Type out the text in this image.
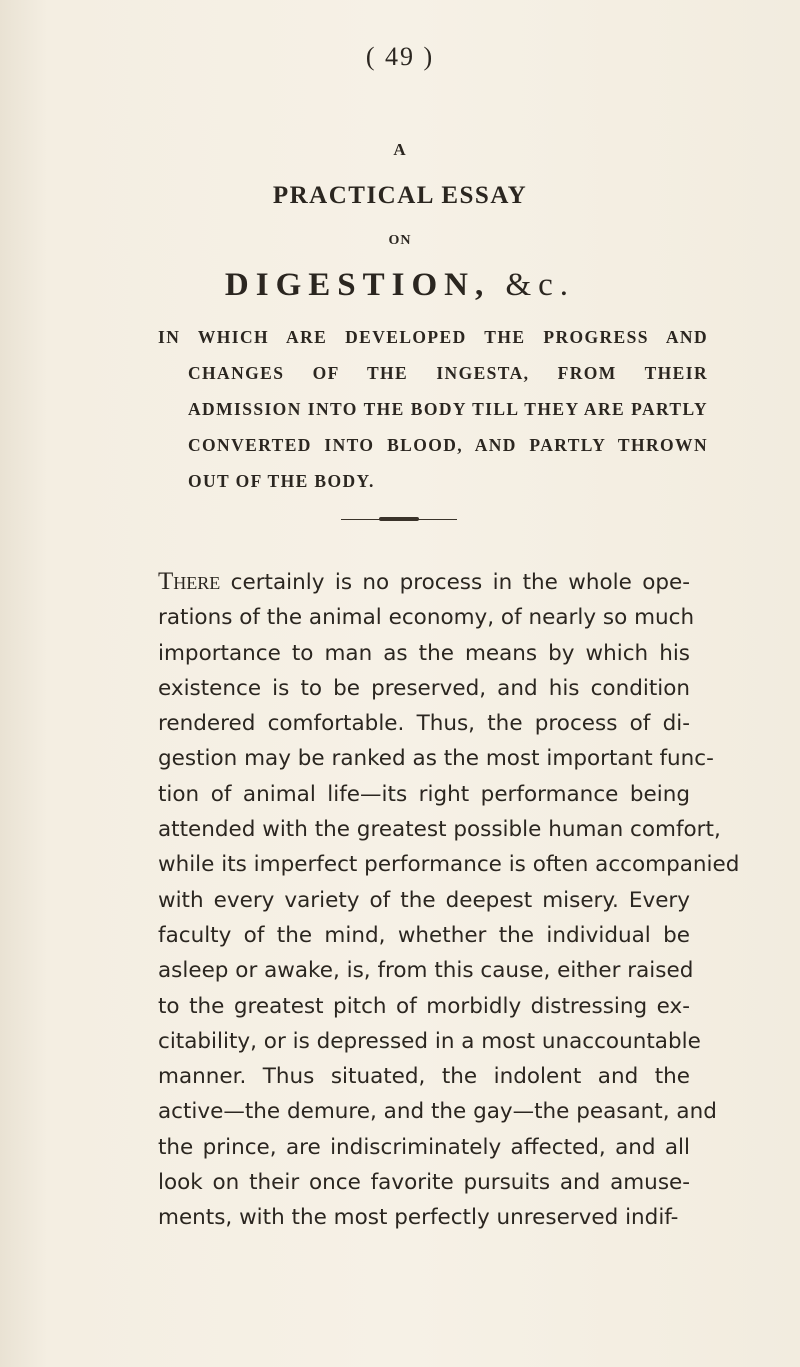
( 49 )
A
PRACTICAL ESSAY
ON
DIGESTION, &c.
IN WHICH ARE DEVELOPED THE PROGRESS AND CHANGES OF THE INGESTA, FROM THEIR ADMISSION INTO THE BODY TILL THEY ARE PARTLY CONVERTED INTO BLOOD, AND PARTLY THROWN OUT OF THE BODY.
There certainly is no process in the whole ope-
rations of the animal economy, of nearly so much
importance to man as the means by which his
existence is to be preserved, and his condition
rendered comfortable. Thus, the process of di-
gestion may be ranked as the most important func-
tion of animal life—its right performance being
attended with the greatest possible human comfort,
while its imperfect performance is often accompanied
with every variety of the deepest misery. Every
faculty of the mind, whether the individual be
asleep or awake, is, from this cause, either raised
to the greatest pitch of morbidly distressing ex-
citability, or is depressed in a most unaccountable
manner. Thus situated, the indolent and the
active—the demure, and the gay—the peasant, and
the prince, are indiscriminately affected, and all
look on their once favorite pursuits and amuse-
ments, with the most perfectly unreserved indif-
